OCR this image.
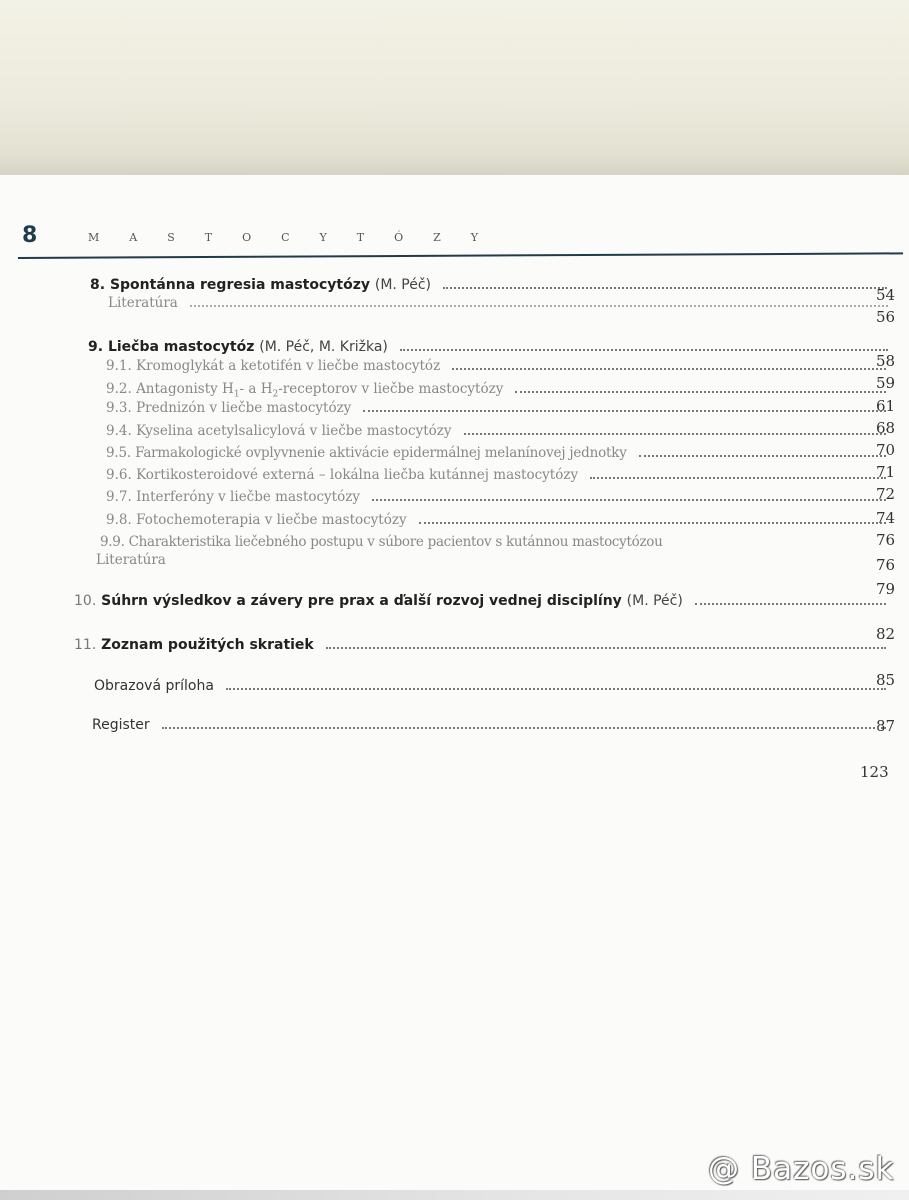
8	MASTOCYTÓZY
8. Spontánna regresia mastocytózy (M. Péč)
54
Literatúra
56
9. Liečba mastocytóz (M. Péč, M. Križka)
58
9.1. Kromoglykát a ketotifén v liečbe mastocytóz
59
9.2. Antagonisty $H_1-$ a $H_2$-receptorov v liečbe mastocytózy
61
9.3. Prednizón v liečbe mastocytózy
68
9.4. Kyselina acetylsalicylová v liečbe mastocytózy
70
9.5. Farmakologické ovplyvnenie aktivácie epidermálnej melanínovej jednotky
71
9.6. Kortikosteroidové externá – lokálna liečba kutánnej mastocytózy
72
9.7. Interferóny v liečbe mastocytózy
74
9.8. Fotochemoterapia v liečbe mastocytózy
76
9.9. Charakteristika liečebného postupu v súbore pacientov s kutánnou mastocytózou
76
Literatúra
79
10. Súhrn výsledkov a závery pre prax a ďalší rozvoj vednej disciplíny (M. Péč)
82
11. Zoznam použitých skratiek
85
Obrazová príloha
87
Register
123
@ Bazos.sk
